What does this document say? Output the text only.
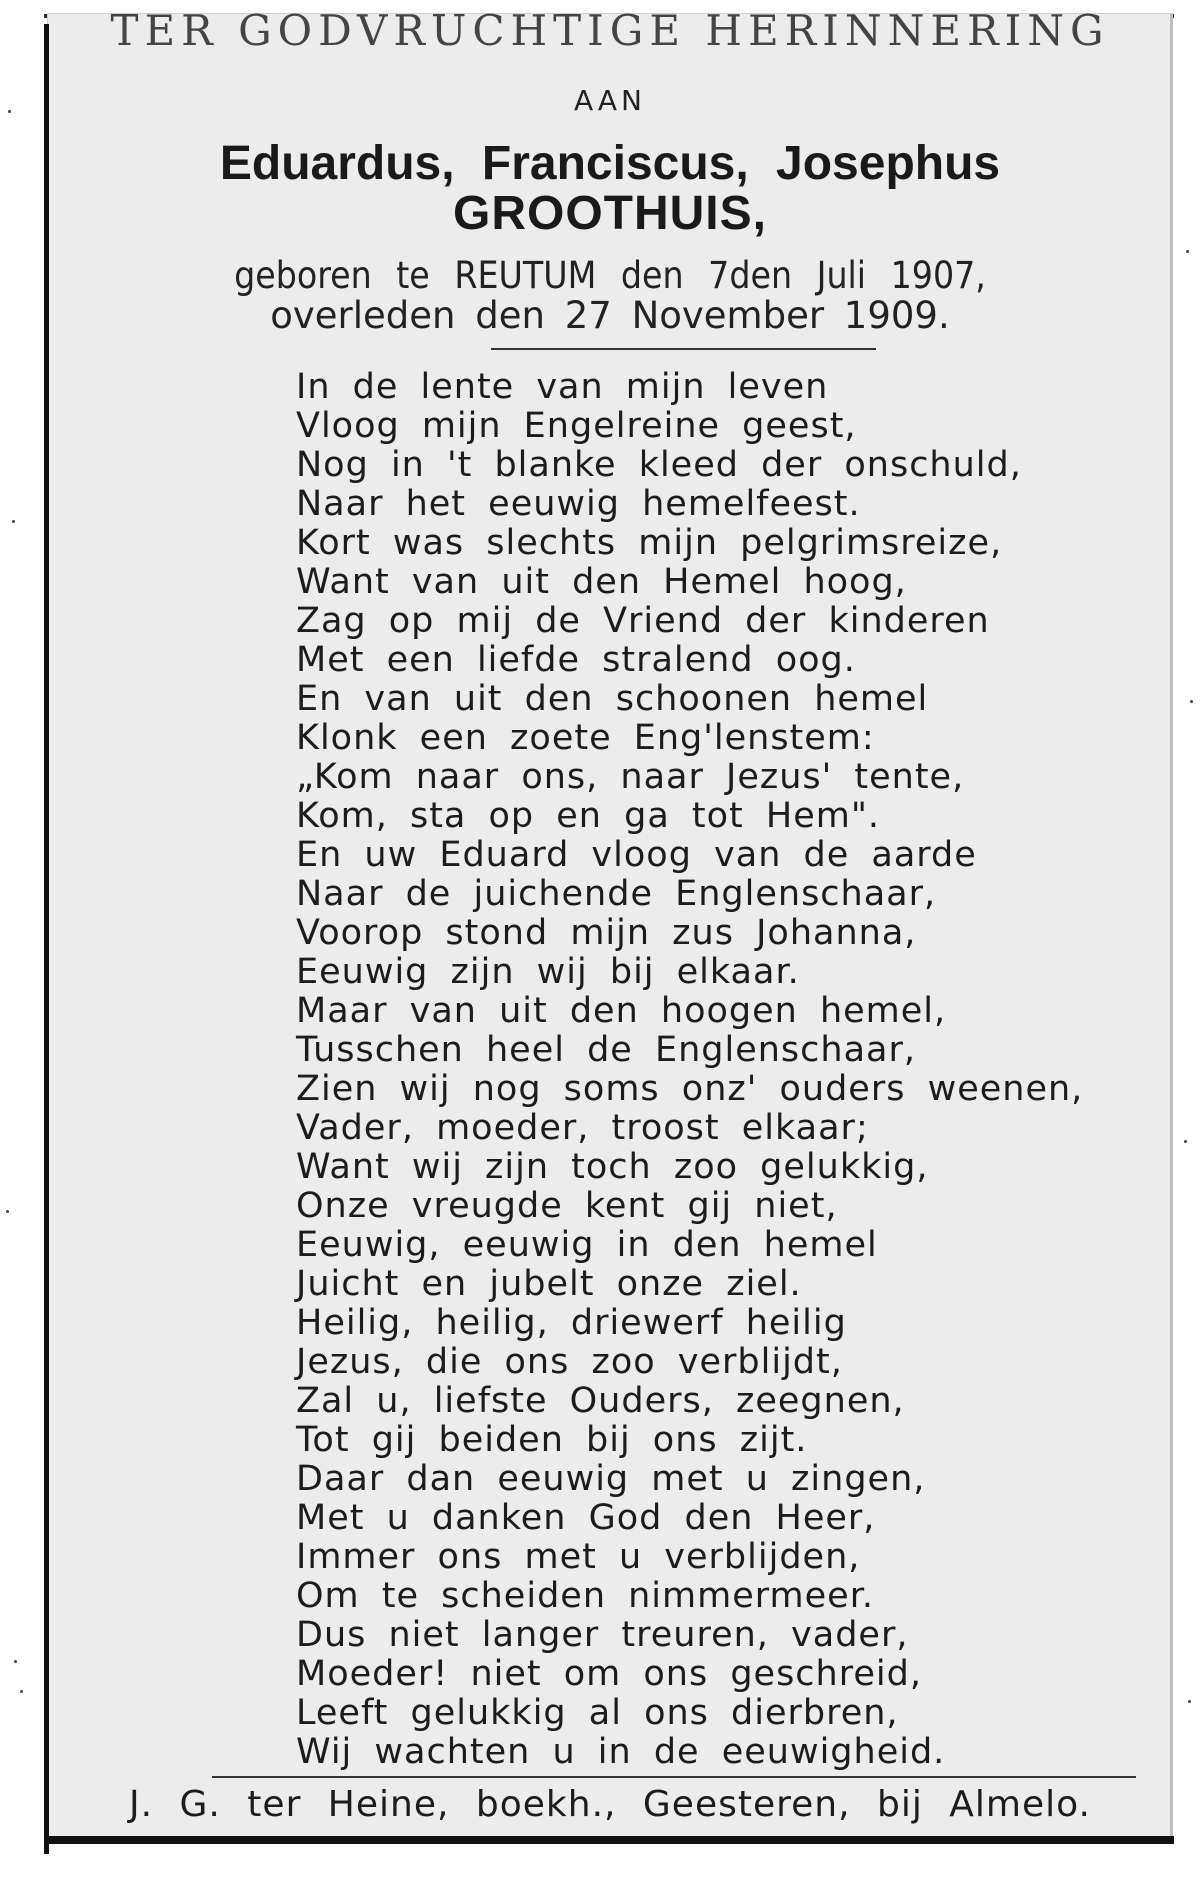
TER GODVRUCHTIGE HERINNERING
AAN
Eduardus, Franciscus, Josephus
GROOTHUIS,
geboren te REUTUM den 7den Juli 1907,
overleden den 27 November 1909.
In de lente van mijn leven
Vloog mijn Engelreine geest,
Nog in 't blanke kleed der onschuld,
Naar het eeuwig hemelfeest.
Kort was slechts mijn pelgrimsreize,
Want van uit den Hemel hoog,
Zag op mij de Vriend der kinderen
Met een liefde stralend oog.
En van uit den schoonen hemel
Klonk een zoete Eng'lenstem:
„Kom naar ons, naar Jezus' tente,
Kom, sta op en ga tot Hem".
En uw Eduard vloog van de aarde
Naar de juichende Englenschaar,
Voorop stond mijn zus Johanna,
Eeuwig zijn wij bij elkaar.
Maar van uit den hoogen hemel,
Tusschen heel de Englenschaar,
Zien wij nog soms onz' ouders weenen,
Vader, moeder, troost elkaar;
Want wij zijn toch zoo gelukkig,
Onze vreugde kent gij niet,
Eeuwig, eeuwig in den hemel
Juicht en jubelt onze ziel.
Heilig, heilig, driewerf heilig
Jezus, die ons zoo verblijdt,
Zal u, liefste Ouders, zeegnen,
Tot gij beiden bij ons zijt.
Daar dan eeuwig met u zingen,
Met u danken God den Heer,
Immer ons met u verblijden,
Om te scheiden nimmermeer.
Dus niet langer treuren, vader,
Moeder! niet om ons geschreid,
Leeft gelukkig al ons dierbren,
Wij wachten u in de eeuwigheid.
J. G. ter Heine, boekh., Geesteren, bij Almelo.
